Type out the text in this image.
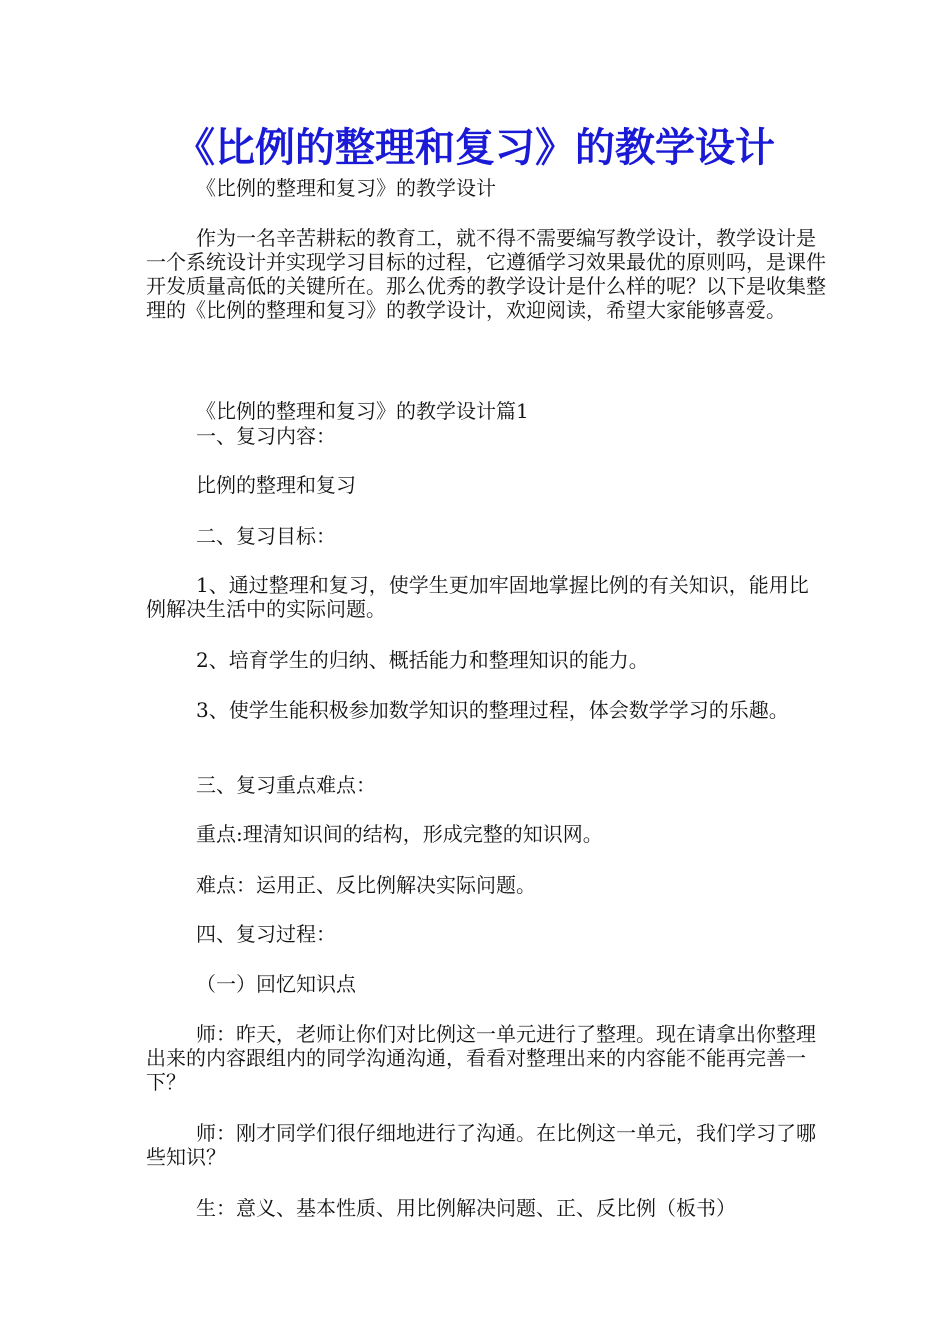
《比例的整理和复习》的教学设计

《比例的整理和复习》的教学设计

作为一名辛苦耕耘的教育工，就不得不需要编写教学设计，教学设计是一个系统设计并实现学习目标的过程，它遵循学习效果最优的原则吗，是课件开发质量高低的关键所在。那么优秀的教学设计是什么样的呢？以下是收集整理的《比例的整理和复习》的教学设计，欢迎阅读，希望大家能够喜爱。

《比例的整理和复习》的教学设计篇1

一、复习内容：

比例的整理和复习

二、复习目标：

1、通过整理和复习，使学生更加牢固地掌握比例的有关知识，能用比例解决生活中的实际问题。

2、培育学生的归纳、概括能力和整理知识的能力。

3、使学生能积极参加数学知识的整理过程，体会数学学习的乐趣。

三、复习重点难点：

重点:理清知识间的结构，形成完整的知识网。

难点：运用正、反比例解决实际问题。

四、复习过程：

（一）回忆知识点

师：昨天，老师让你们对比例这一单元进行了整理。现在请拿出你整理出来的内容跟组内的同学沟通沟通，看看对整理出来的内容能不能再完善一下？

师：刚才同学们很仔细地进行了沟通。在比例这一单元，我们学习了哪些知识？

生：意义、基本性质、用比例解决问题、正、反比例（板书）
